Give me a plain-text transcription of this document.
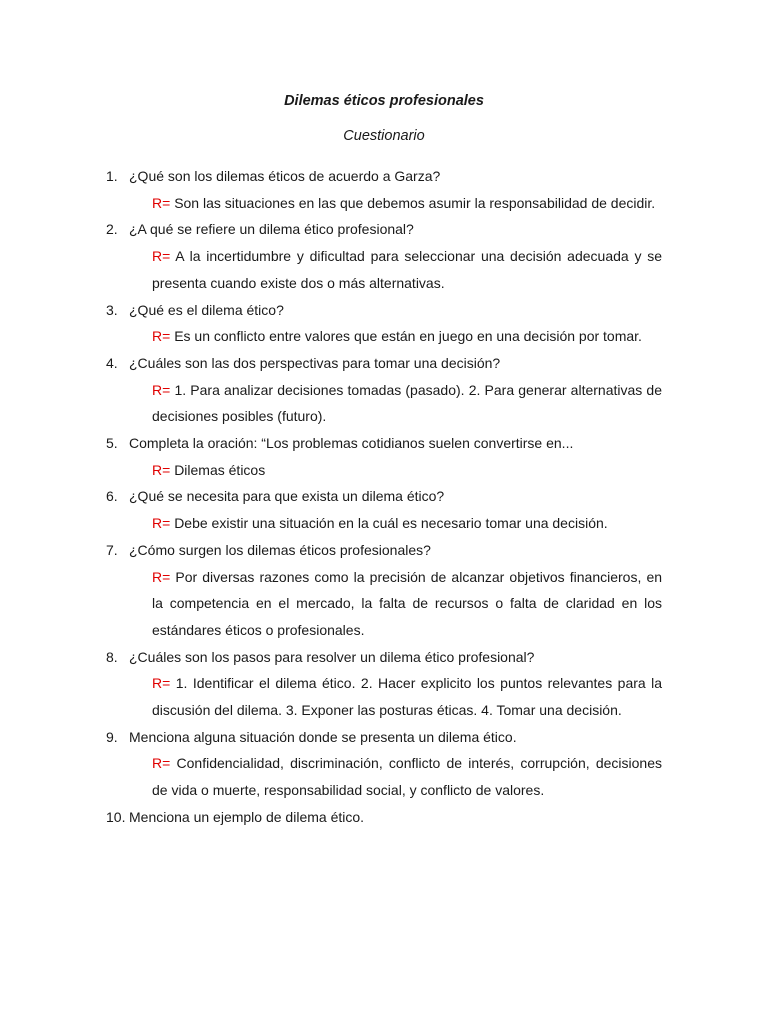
Dilemas éticos profesionales
Cuestionario
1. ¿Qué son los dilemas éticos de acuerdo a Garza?
R= Son las situaciones en las que debemos asumir la responsabilidad de decidir.
2. ¿A qué se refiere un dilema ético profesional?
R= A la incertidumbre y dificultad para seleccionar una decisión adecuada y se presenta cuando existe dos o más alternativas.
3. ¿Qué es el dilema ético?
R= Es un conflicto entre valores que están en juego en una decisión por tomar.
4. ¿Cuáles son las dos perspectivas para tomar una decisión?
R= 1. Para analizar decisiones tomadas (pasado). 2. Para generar alternativas de decisiones posibles (futuro).
5. Completa la oración: “Los problemas cotidianos suelen convertirse en...
R= Dilemas éticos
6. ¿Qué se necesita para que exista un dilema ético?
R= Debe existir una situación en la cuál es necesario tomar una decisión.
7. ¿Cómo surgen los dilemas éticos profesionales?
R= Por diversas razones como la precisión de alcanzar objetivos financieros, en la competencia en el mercado, la falta de recursos o falta de claridad en los estándares éticos o profesionales.
8. ¿Cuáles son los pasos para resolver un dilema ético profesional?
R= 1. Identificar el dilema ético. 2. Hacer explicito los puntos relevantes para la discusión del dilema. 3. Exponer las posturas éticas. 4. Tomar una decisión.
9. Menciona alguna situación donde se presenta un dilema ético.
R= Confidencialidad, discriminación, conflicto de interés, corrupción, decisiones de vida o muerte, responsabilidad social, y conflicto de valores.
10. Menciona un ejemplo de dilema ético.
